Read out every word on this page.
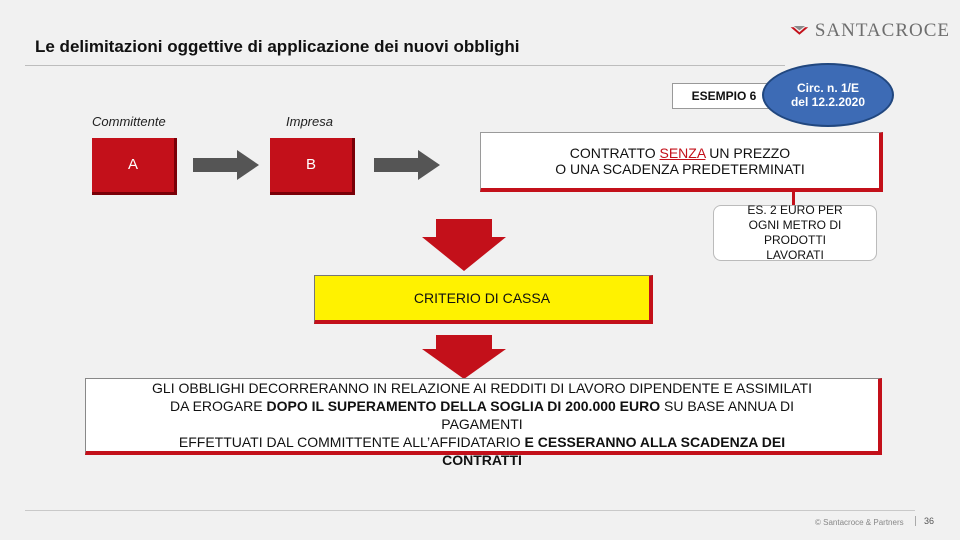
Le delimitazioni oggettive di applicazione dei nuovi obblighi
SANTACROCE
ESEMPIO 6
Circ. n. 1/E
del 12.2.2020
Committente	Impresa
A	B
CONTRATTO SENZA UN PREZZO
O UNA SCADENZA PREDETERMINATI
ES. 2 EURO PER
OGNI METRO DI
PRODOTTI
LAVORATI
CRITERIO DI CASSA
GLI OBBLIGHI DECORRERANNO IN RELAZIONE AI REDDITI DI LAVORO DIPENDENTE E ASSIMILATI
DA EROGARE DOPO IL SUPERAMENTO DELLA SOGLIA DI 200.000 EURO SU BASE ANNUA DI
PAGAMENTI
EFFETTUATI DAL COMMITTENTE ALL’AFFIDATARIO E CESSERANNO ALLA SCADENZA DEI
CONTRATTI
© Santacroce & Partners	36
